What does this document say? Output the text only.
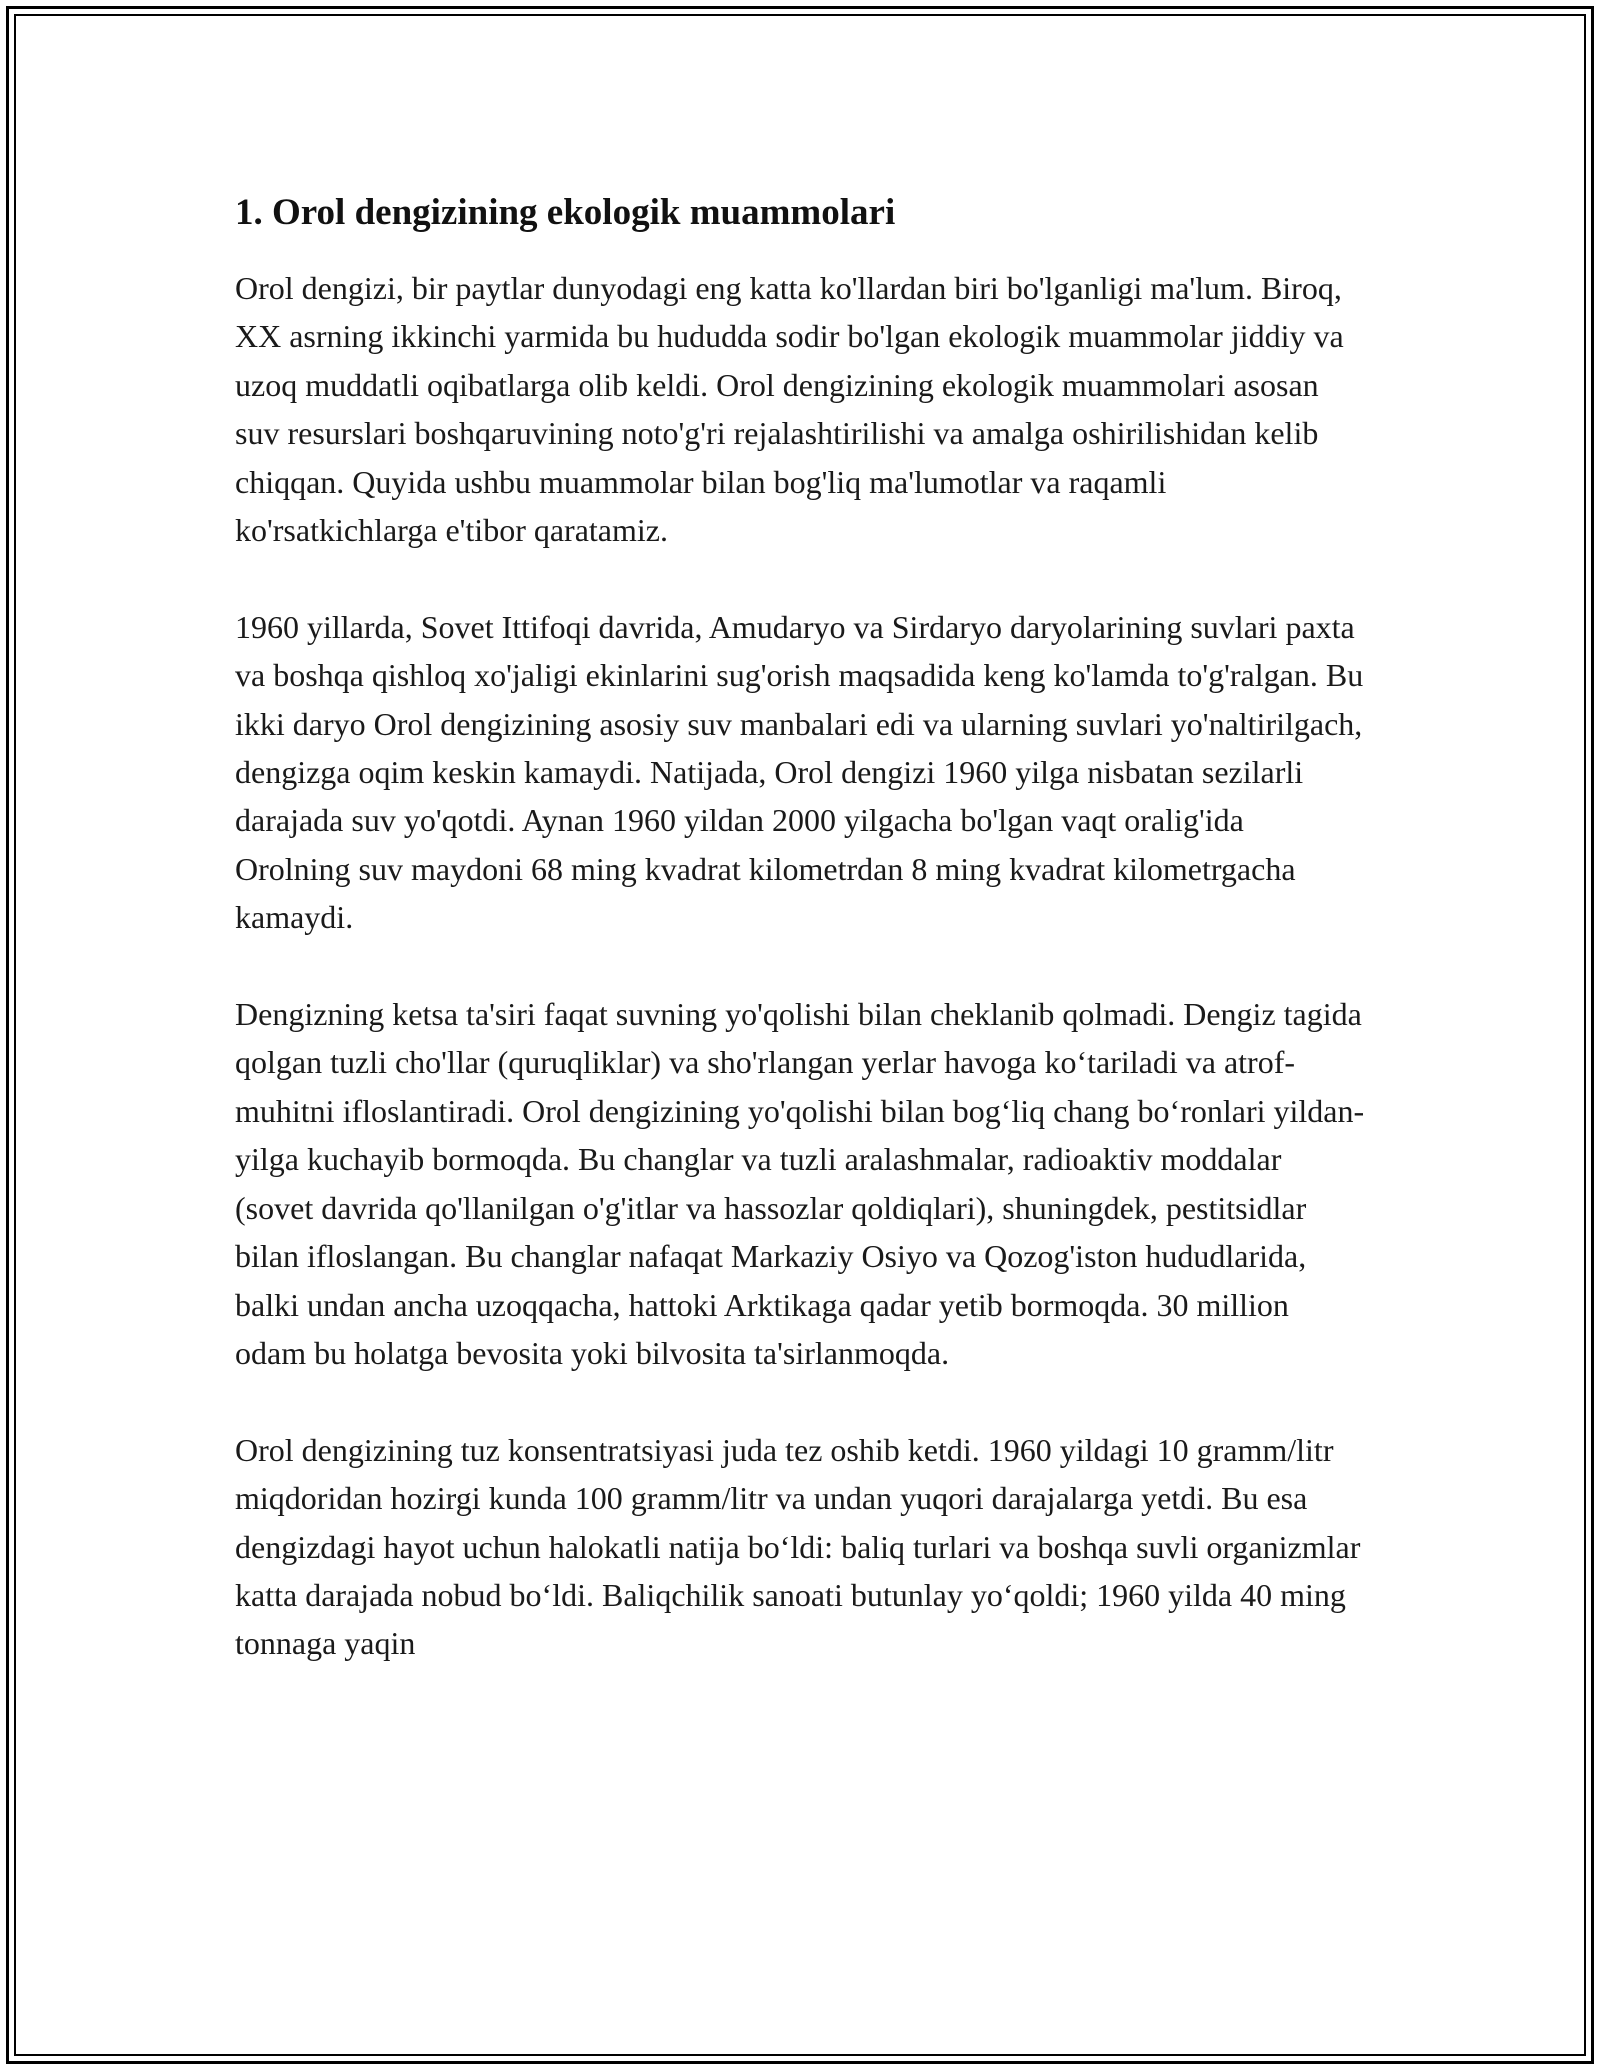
1. Orol dengizining ekologik muammolari

Orol dengizi, bir paytlar dunyodagi eng katta ko'llardan biri bo'lganligi ma'lum. Biroq, XX asrning ikkinchi yarmida bu hududda sodir bo'lgan ekologik muammolar jiddiy va uzoq muddatli oqibatlarga olib keldi. Orol dengizining ekologik muammolari asosan suv resurslari boshqaruvining noto'g'ri rejalashtirilishi va amalga oshirilishidan kelib chiqqan. Quyida ushbu muammolar bilan bog'liq ma'lumotlar va raqamli ko'rsatkichlarga e'tibor qaratamiz.

1960 yillarda, Sovet Ittifoqi davrida, Amudaryo va Sirdaryo daryolarining suvlari paxta va boshqa qishloq xo'jaligi ekinlarini sug'orish maqsadida keng ko'lamda to'g'ralgan. Bu ikki daryo Orol dengizining asosiy suv manbalari edi va ularning suvlari yo'naltirilgach, dengizga oqim keskin kamaydi. Natijada, Orol dengizi 1960 yilga nisbatan sezilarli darajada suv yo'qotdi. Aynan 1960 yildan 2000 yilgacha bo'lgan vaqt oralig'ida Orolning suv maydoni 68 ming kvadrat kilometrdan 8 ming kvadrat kilometrgacha kamaydi.

Dengizning ketsa ta'siri faqat suvning yo'qolishi bilan cheklanib qolmadi. Dengiz tagida qolgan tuzli cho'llar (quruqliklar) va sho'rlangan yerlar havoga ko‘tariladi va atrof-muhitni ifloslantiradi. Orol dengizining yo'qolishi bilan bog‘liq chang bo‘ronlari yildan-yilga kuchayib bormoqda. Bu changlar va tuzli aralashmalar, radioaktiv moddalar (sovet davrida qo'llanilgan o'g'itlar va hassozlar qoldiqlari), shuningdek, pestitsidlar bilan ifloslangan. Bu changlar nafaqat Markaziy Osiyo va Qozog'iston hududlarida, balki undan ancha uzoqqacha, hattoki Arktikaga qadar yetib bormoqda. 30 million odam bu holatga bevosita yoki bilvosita ta'sirlanmoqda.

Orol dengizining tuz konsentratsiyasi juda tez oshib ketdi. 1960 yildagi 10 gramm/litr miqdoridan hozirgi kunda 100 gramm/litr va undan yuqori darajalarga yetdi. Bu esa dengizdagi hayot uchun halokatli natija bo‘ldi: baliq turlari va boshqa suvli organizmlar katta darajada nobud bo‘ldi. Baliqchilik sanoati butunlay yo‘qoldi; 1960 yilda 40 ming tonnaga yaqin
